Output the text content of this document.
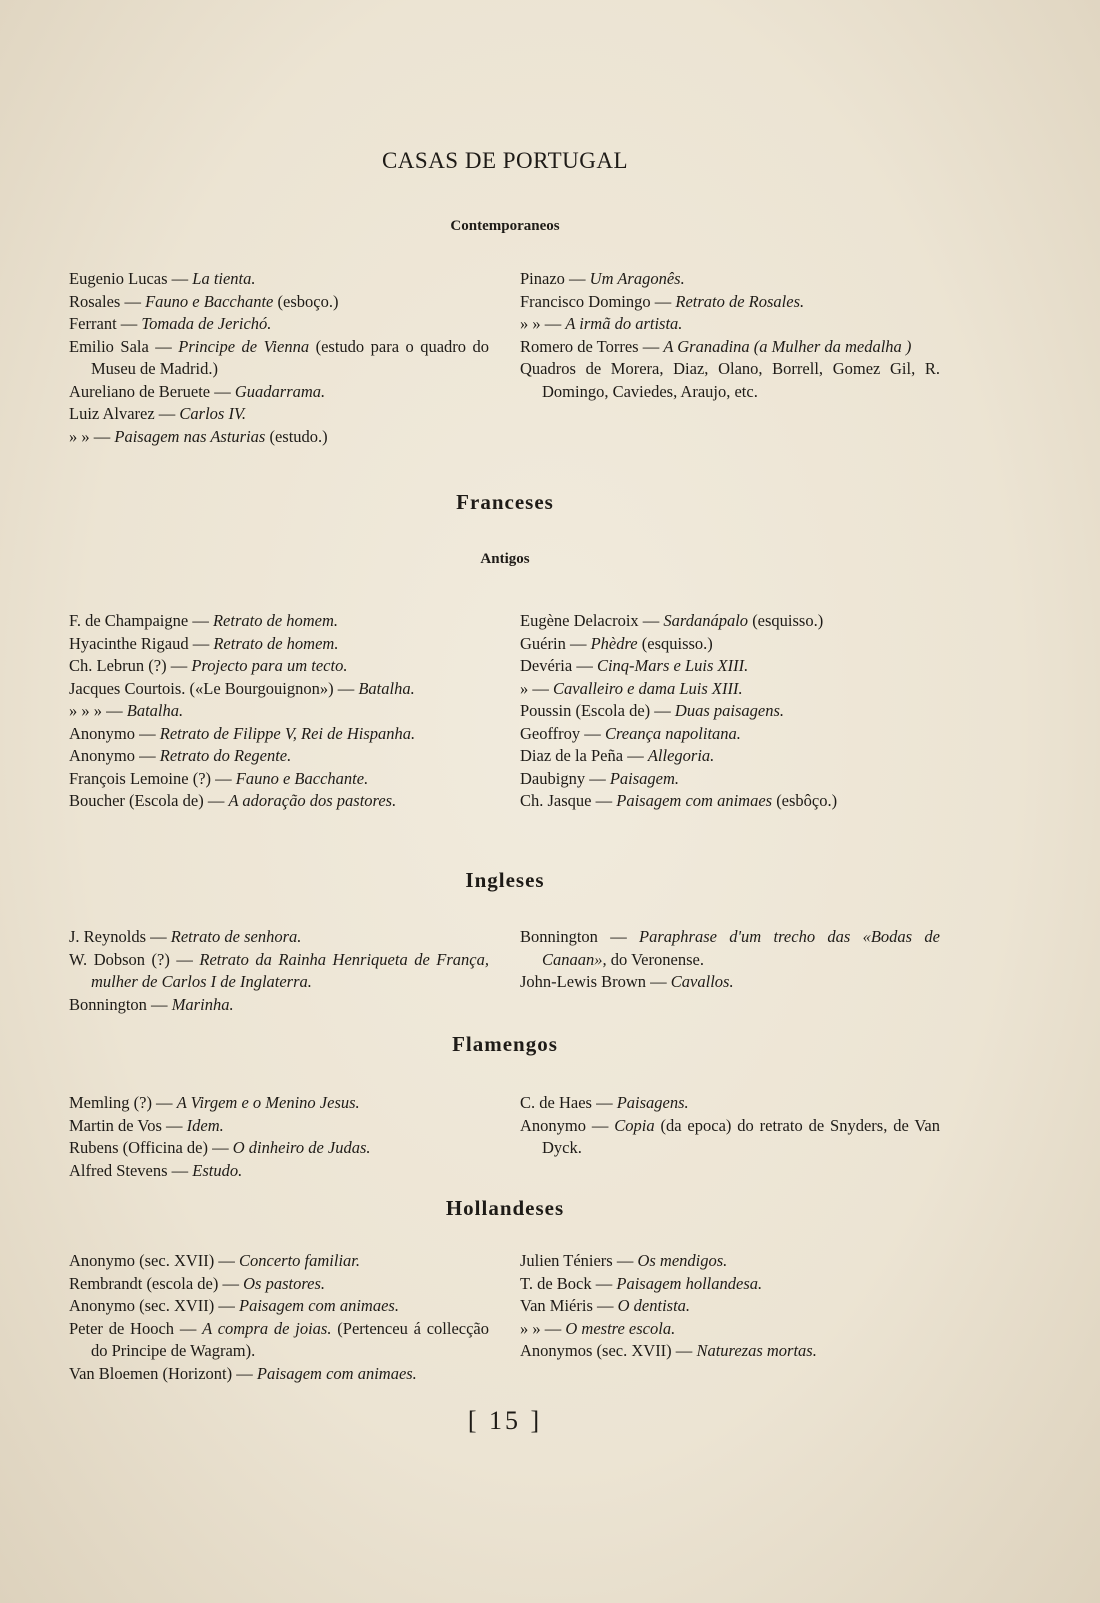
CASAS DE PORTUGAL
Contemporaneos
Eugenio Lucas — La tienta.
Rosales — Fauno e Bacchante (esboço.)
Ferrant — Tomada de Jerichó.
Emilio Sala — Principe de Vienna (estudo para o quadro do Museu de Madrid.)
Aureliano de Beruete — Guadarrama.
Luiz Alvarez — Carlos IV.
» » — Paisagem nas Asturias (estudo.)
Pinazo — Um Aragonês.
Francisco Domingo — Retrato de Rosales.
» » — A irmã do artista.
Romero de Torres — A Granadina (a Mulher da medalha )
Quadros de Morera, Diaz, Olano, Borrell, Gomez Gil, R. Domingo, Caviedes, Araujo, etc.
Franceses
Antigos
F. de Champaigne — Retrato de homem.
Hyacinthe Rigaud — Retrato de homem.
Ch. Lebrun (?) — Projecto para um tecto.
Jacques Courtois. («Le Bourgouignon») — Batalha.
» » » — Batalha.
Anonymo — Retrato de Filippe V, Rei de Hispanha.
Anonymo — Retrato do Regente.
François Lemoine (?) — Fauno e Bacchante.
Boucher (Escola de) — A adoração dos pastores.
Eugène Delacroix — Sardanápalo (esquisso.)
Guérin — Phèdre (esquisso.)
Devéria — Cinq-Mars e Luis XIII.
» — Cavalleiro e dama Luis XIII.
Poussin (Escola de) — Duas paisagens.
Geoffroy — Creança napolitana.
Diaz de la Peña — Allegoria.
Daubigny — Paisagem.
Ch. Jasque — Paisagem com animaes (esbôço.)
Ingleses
J. Reynolds — Retrato de senhora.
W. Dobson (?) — Retrato da Rainha Henriqueta de França, mulher de Carlos I de Inglaterra.
Bonnington — Marinha.
Bonnington — Paraphrase d'um trecho das «Bodas de Canaan», do Veronense.
John-Lewis Brown — Cavallos.
Flamengos
Memling (?) — A Virgem e o Menino Jesus.
Martin de Vos — Idem.
Rubens (Officina de) — O dinheiro de Judas.
Alfred Stevens — Estudo.
C. de Haes — Paisagens.
Anonymo — Copia (da epoca) do retrato de Snyders, de Van Dyck.
Hollandeses
Anonymo (sec. XVII) — Concerto familiar.
Rembrandt (escola de) — Os pastores.
Anonymo (sec. XVII) — Paisagem com animaes.
Peter de Hooch — A compra de joias. (Pertenceu á collecção do Principe de Wagram).
Van Bloemen (Horizont) — Paisagem com animaes.
Julien Téniers — Os mendigos.
T. de Bock — Paisagem hollandesa.
Van Miéris — O dentista.
» » — O mestre escola.
Anonymos (sec. XVII) — Naturezas mortas.
[ 15 ]
